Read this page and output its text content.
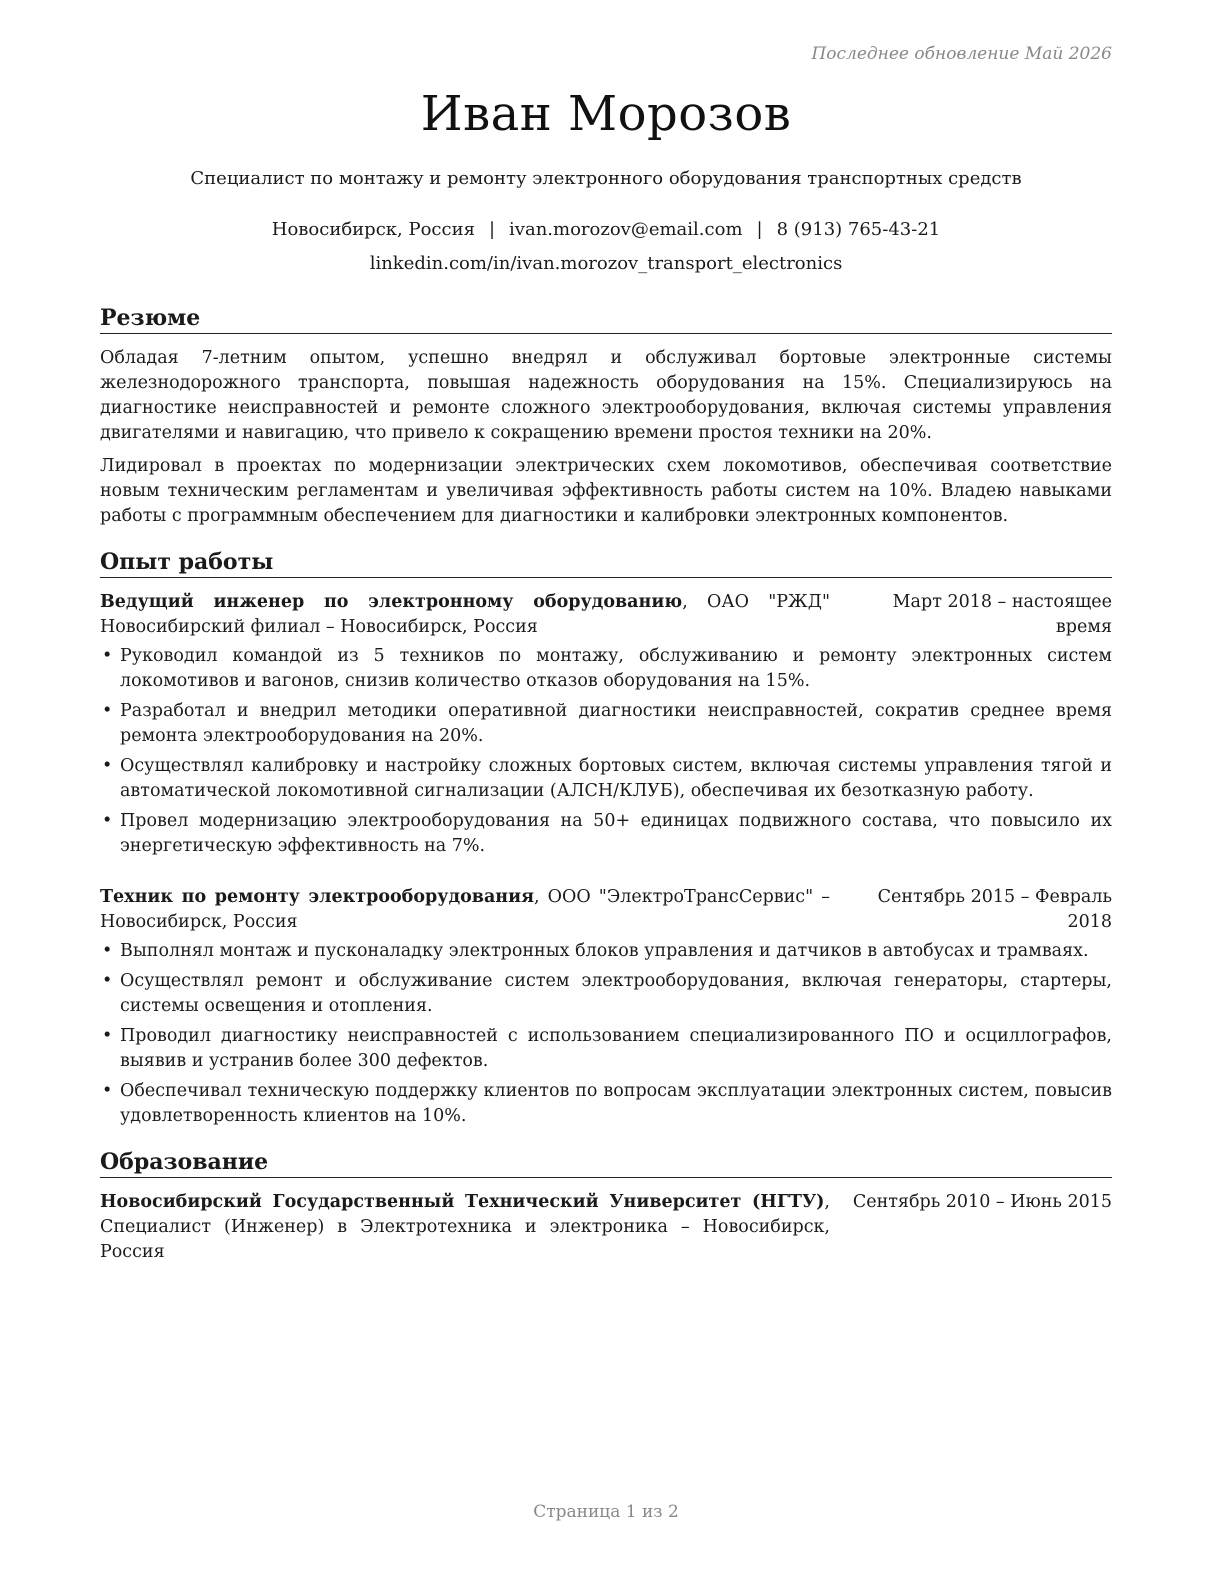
Последнее обновление Май 2026
Иван Морозов
Специалист по монтажу и ремонту электронного оборудования транспортных средств
Новосибирск, Россия | ivan.morozov@email.com | 8 (913) 765-43-21
linkedin.com/in/ivan.morozov_transport_electronics
Резюме

Обладая 7-летним опытом, успешно внедрял и обслуживал бортовые электронные системы железнодорожного транспорта, повышая надежность оборудования на 15%. Специализируюсь на диагностике неисправностей и ремонте сложного электрооборудования, включая системы управления двигателями и навигацию, что привело к сокращению времени простоя техники на 20%.

Лидировал в проектах по модернизации электрических схем локомотивов, обеспечивая соответствие новым техническим регламентам и увеличивая эффективность работы систем на 10%. Владею навыками работы с программным обеспечением для диагностики и калибровки электронных компонентов.

Опыт работы
Ведущий инженер по электронному оборудованию, ОАО "РЖД" Новосибирский филиал – Новосибирск, Россия
Март 2018 – настоящее время
• Руководил командой из 5 техников по монтажу, обслуживанию и ремонту электронных систем локомотивов и вагонов, снизив количество отказов оборудования на 15%.
• Разработал и внедрил методики оперативной диагностики неисправностей, сократив среднее время ремонта электрооборудования на 20%.
• Осуществлял калибровку и настройку сложных бортовых систем, включая системы управления тягой и автоматической локомотивной сигнализации (АЛСН/КЛУБ), обеспечивая их безотказную работу.
• Провел модернизацию электрооборудования на 50+ единицах подвижного состава, что повысило их энергетическую эффективность на 7%.
Техник по ремонту электрооборудования, ООО "ЭлектроТрансСервис" – Новосибирск, Россия
Сентябрь 2015 – Февраль 2018
• Выполнял монтаж и пусконаладку электронных блоков управления и датчиков в автобусах и трамваях.
• Осуществлял ремонт и обслуживание систем электрооборудования, включая генераторы, стартеры, системы освещения и отопления.
• Проводил диагностику неисправностей с использованием специализированного ПО и осциллографов, выявив и устранив более 300 дефектов.
• Обеспечивал техническую поддержку клиентов по вопросам эксплуатации электронных систем, повысив удовлетворенность клиентов на 10%.
Образование
Новосибирский Государственный Технический Университет (НГТУ), Специалист (Инженер) в Электротехника и электроника – Новосибирск, Россия
Сентябрь 2010 – Июнь 2015
Страница 1 из 2
